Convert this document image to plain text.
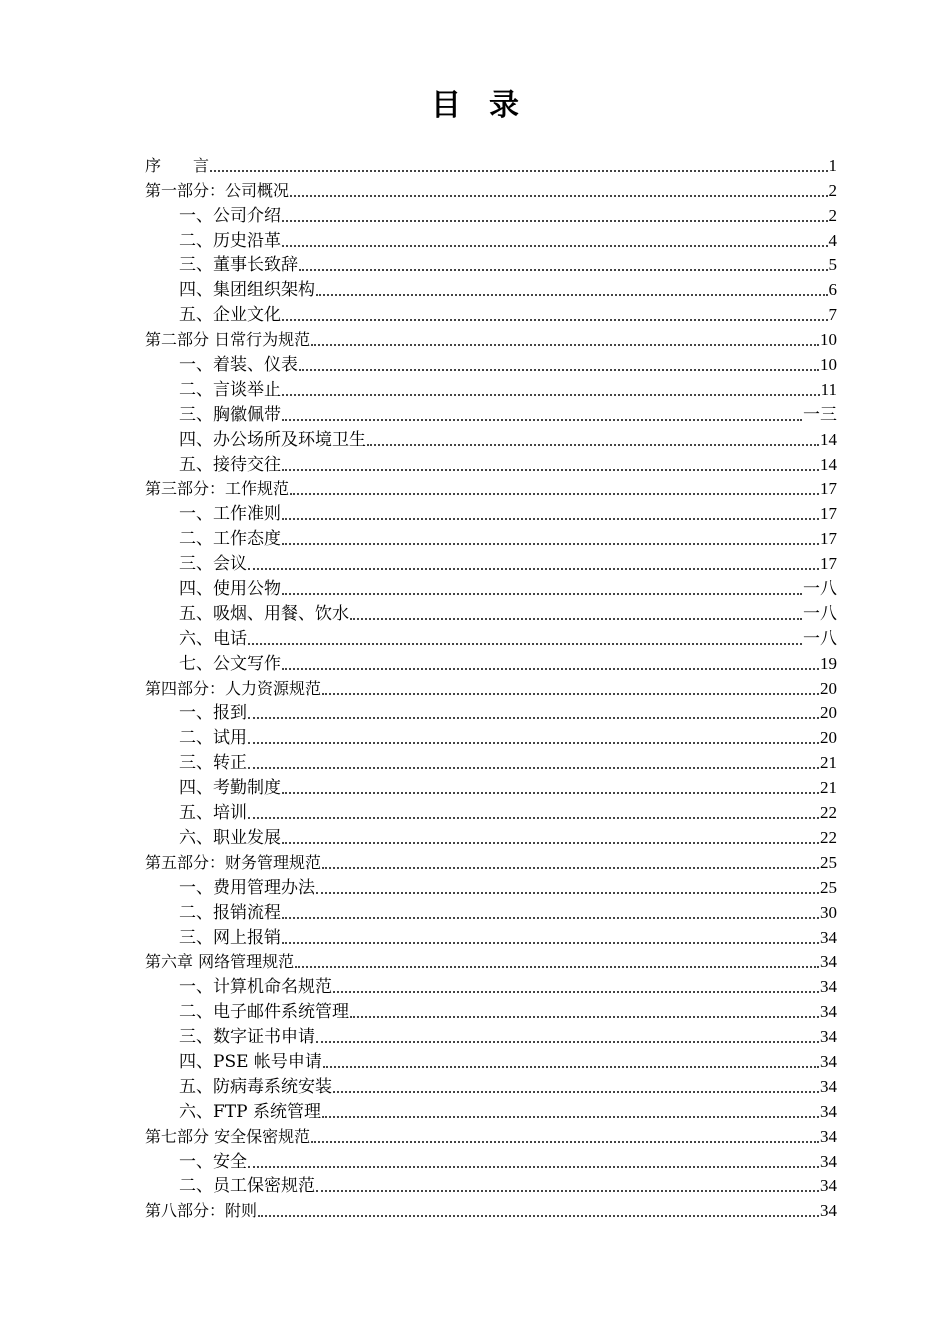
目录
序　　言	1
第一部分：公司概况	2
一、公司介绍	2
二、历史沿革	4
三、董事长致辞	5
四、集团组织架构	6
五、企业文化	7
第二部分 日常行为规范	10
一、着装、仪表	10
二、言谈举止	11
三、胸徽佩带	一三
四、办公场所及环境卫生	14
五、接待交往	14
第三部分：工作规范	17
一、工作准则	17
二、工作态度	17
三、会议	17
四、使用公物	一八
五、吸烟、用餐、饮水	一八
六、电话	一八
七、公文写作	19
第四部分：人力资源规范	20
一、报到	20
二、试用	20
三、转正	21
四、考勤制度	21
五、培训	22
六、职业发展	22
第五部分：财务管理规范	25
一、费用管理办法	25
二、报销流程	30
三、网上报销	34
第六章 网络管理规范	34
一、计算机命名规范	34
二、电子邮件系统管理	34
三、数字证书申请	34
四、PSE 帐号申请	34
五、防病毒系统安装	34
六、FTP 系统管理	34
第七部分 安全保密规范	34
一、安全	34
二、员工保密规范	34
第八部分：附则	34
